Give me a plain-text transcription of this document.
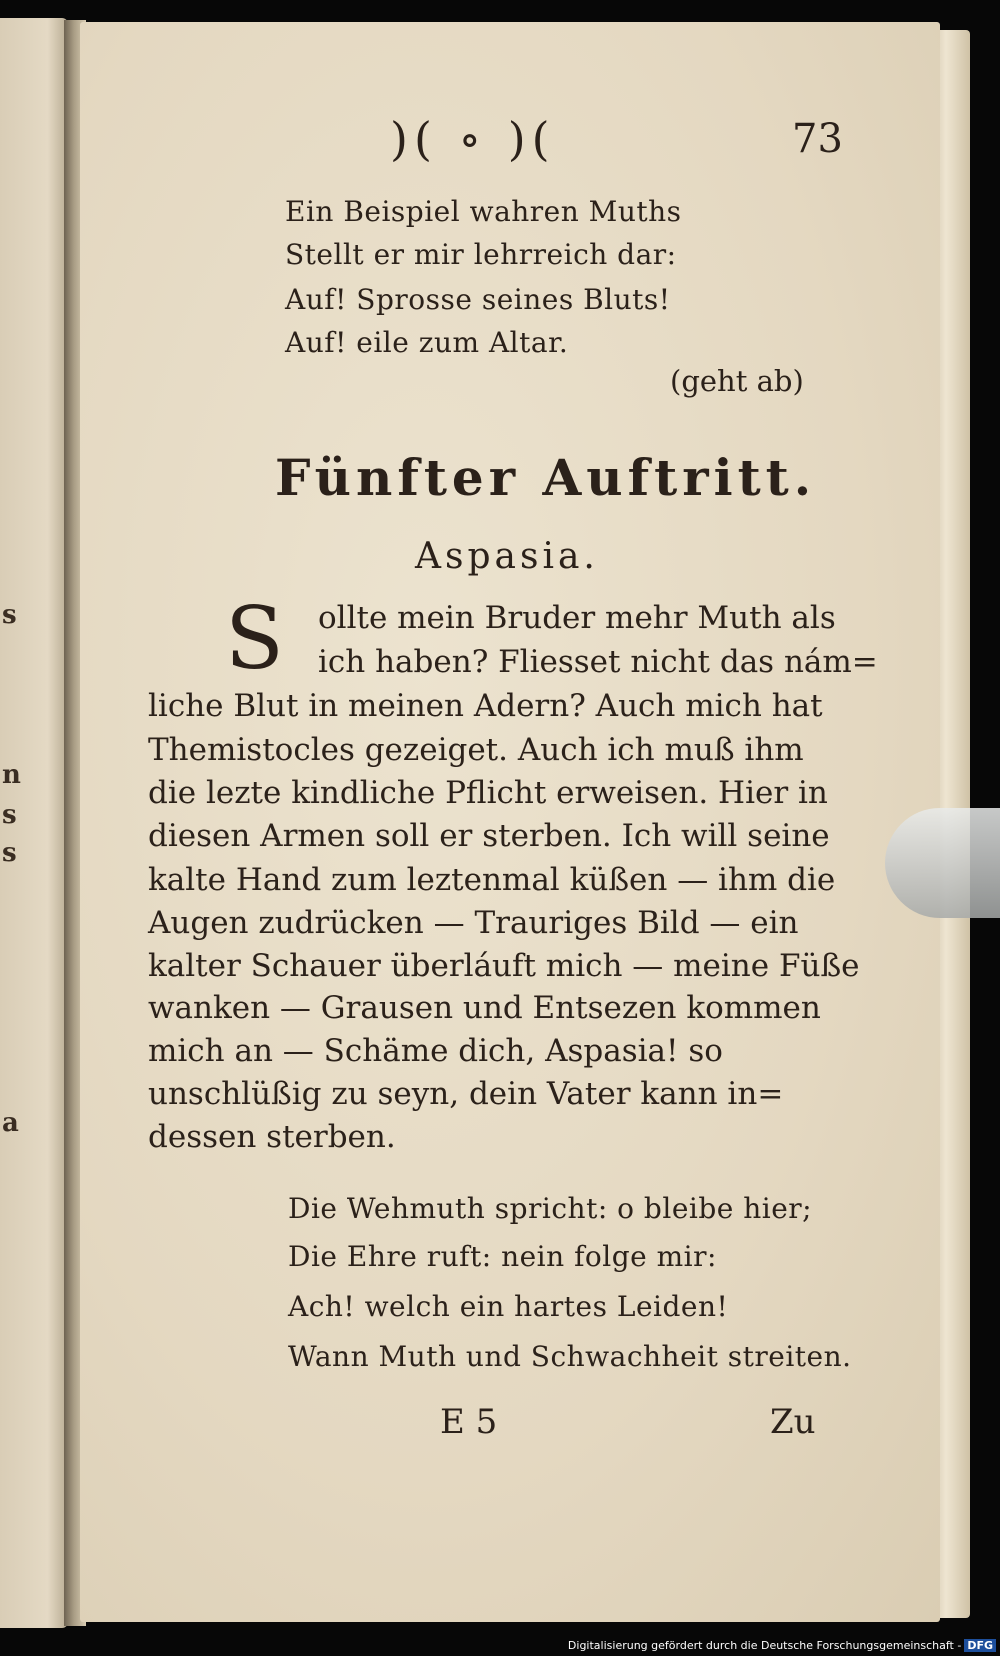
s
n
s
s
a
)( ∘ )(	73
Ein Beispiel wahren Muths
Stellt er mir lehrreich dar:
Auf! Sprosse seines Bluts!
Auf! eile zum Altar.
(geht ab)
Fünfter Auftritt.
Aspasia.
S ollte mein Bruder mehr Muth als
ich haben? Fliesset nicht das nám=
liche Blut in meinen Adern? Auch mich hat
Themistocles gezeiget. Auch ich muß ihm
die lezte kindliche Pflicht erweisen. Hier in
diesen Armen soll er sterben. Ich will seine
kalte Hand zum leztenmal küßen — ihm die
Augen zudrücken — Trauriges Bild — ein
kalter Schauer überláuft mich — meine Füße
wanken — Grausen und Entsezen kommen
mich an — Schäme dich, Aspasia! so
unschlüßig zu seyn, dein Vater kann in=
dessen sterben.
Die Wehmuth spricht: o bleibe hier;
Die Ehre ruft: nein folge mir:
Ach! welch ein hartes Leiden!
Wann Muth und Schwachheit streiten.
E 5	Zu
Digitalisierung gefördert durch die Deutsche Forschungsgemeinschaft - DFG
